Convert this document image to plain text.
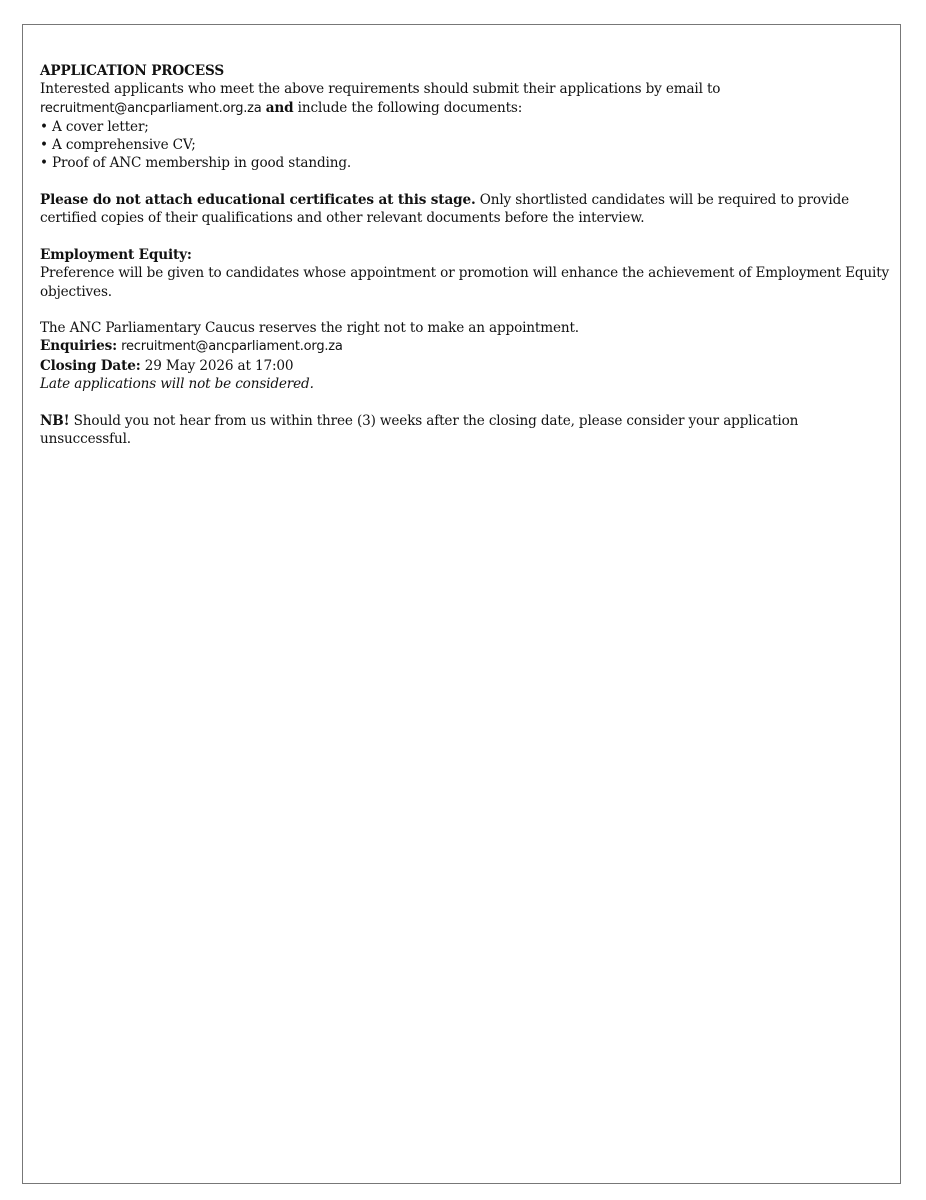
APPLICATION PROCESS

Interested applicants who meet the above requirements should submit their applications by email to

recruitment@ancparliament.org.za and include the following documents:

• A cover letter;
• A comprehensive CV;
• Proof of ANC membership in good standing.

Please do not attach educational certificates at this stage. Only shortlisted candidates will be required to provide certified copies of their qualifications and other relevant documents before the interview.

Employment Equity:

Preference will be given to candidates whose appointment or promotion will enhance the achievement of Employment Equity objectives.

The ANC Parliamentary Caucus reserves the right not to make an appointment.

Enquiries: recruitment@ancparliament.org.za

Closing Date: 29 May 2026 at 17:00

Late applications will not be considered.

NB! Should you not hear from us within three (3) weeks after the closing date, please consider your application unsuccessful.
